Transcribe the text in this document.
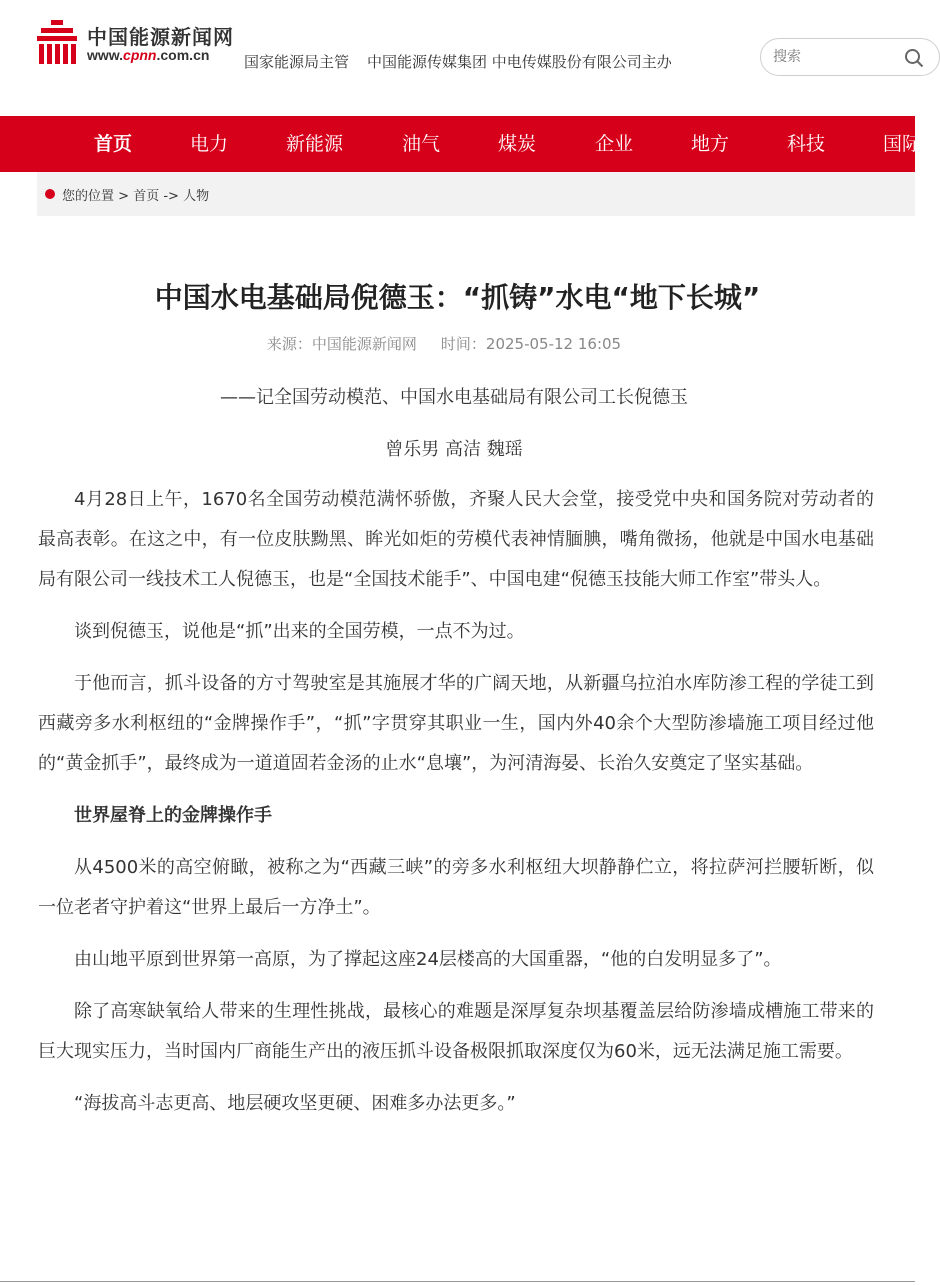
中国能源新闻网
www.cpnn.com.cn 国家能源局主管 中国能源传媒集团 中电传媒股份有限公司主办
搜索
首页	电力	新能源	油气	煤炭	企业	地方	科技	国际
您的位置 > 首页 -> 人物
中国水电基础局倪德玉：“抓铸”水电“地下长城”
来源：中国能源新闻网 时间：2025-05-12 16:05
——记全国劳动模范、中国水电基础局有限公司工长倪德玉
曾乐男 高洁 魏瑶

4月28日上午，1670名全国劳动模范满怀骄傲，齐聚人民大会堂，接受党中央和国务院对劳动者的最高表彰。在这之中，有一位皮肤黝黑、眸光如炬的劳模代表神情腼腆，嘴角微扬，他就是中国水电基础局有限公司一线技术工人倪德玉，也是“全国技术能手”、中国电建“倪德玉技能大师工作室”带头人。

谈到倪德玉，说他是“抓”出来的全国劳模，一点不为过。

于他而言，抓斗设备的方寸驾驶室是其施展才华的广阔天地，从新疆乌拉泊水库防渗工程的学徒工到西藏旁多水利枢纽的“金牌操作手”，“抓”字贯穿其职业一生，国内外40余个大型防渗墙施工项目经过他的“黄金抓手”，最终成为一道道固若金汤的止水“息壤”，为河清海晏、长治久安奠定了坚实基础。

世界屋脊上的金牌操作手

从4500米的高空俯瞰，被称之为“西藏三峡”的旁多水利枢纽大坝静静伫立，将拉萨河拦腰斩断，似一位老者守护着这“世界上最后一方净土”。

由山地平原到世界第一高原，为了撑起这座24层楼高的大国重器，“他的白发明显多了”。

除了高寒缺氧给人带来的生理性挑战，最核心的难题是深厚复杂坝基覆盖层给防渗墙成槽施工带来的巨大现实压力，当时国内厂商能生产出的液压抓斗设备极限抓取深度仅为60米，远无法满足施工需要。

“海拔高斗志更高、地层硬攻坚更硬、困难多办法更多。”
